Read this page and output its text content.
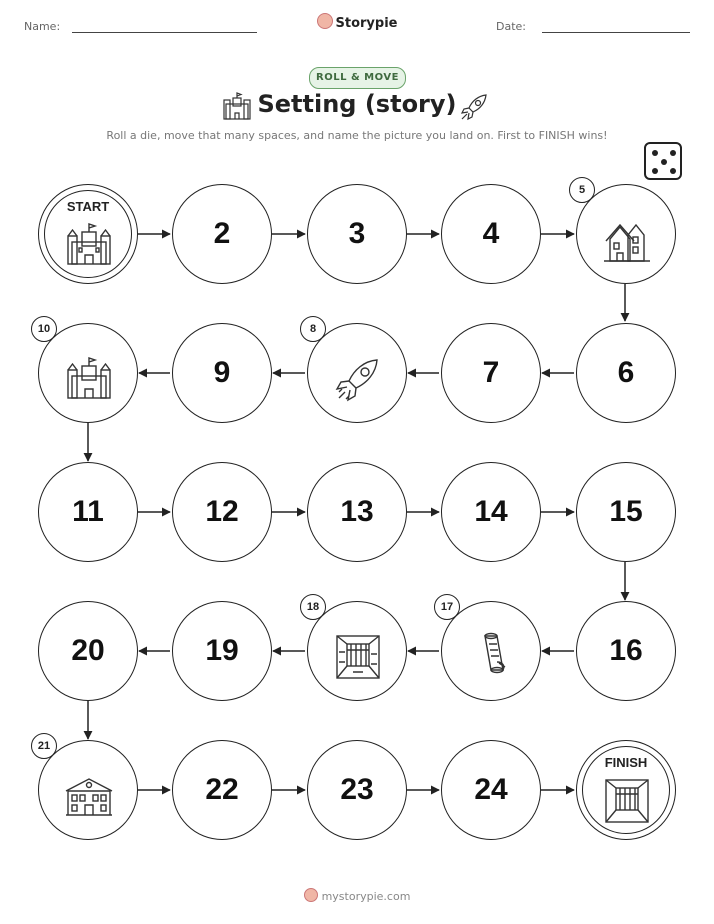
Name:	Storypie	Date:
ROLL & MOVE
Setting (story)
Roll a die, move that many spaces, and name the picture you land on. First to FINISH wins!
START
2	3	4
5
10
9
8
7	6
11	12	13	14	15
20	19
18	17
16
21
22	23	24
FINISH
mystorypie.com
